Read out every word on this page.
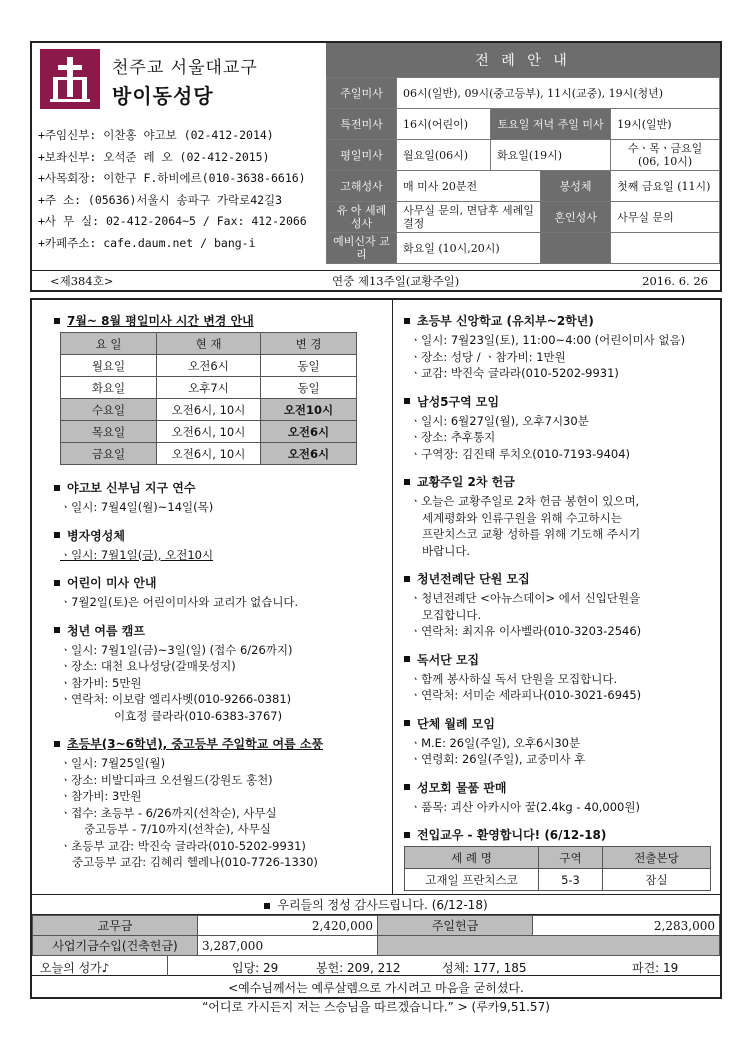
천주교 서울대교구
방이동성당
+주임신부: 이찬홍 야고보 (02-412-2014)
+보좌신부: 오석준 레 오 (02-412-2015)
+사목회장: 이한구 F.하비에르(010-3638-6616)
+주 소: (05636)서울시 송파구 가락로42길3
+사 무 실: 02-412-2064~5 / Fax: 412-2066
+카페주소: cafe.daum.net / bang-i
전 례 안 내
주일미사	06시(일반), 09시(중고등부), 11시(교중), 19시(청년)			
특전미사	16시(어린이)	토요일 저녁 주일 미사		19시(일반)
평일미사	월요일(06시)	화요일(19시)		수ㆍ목ㆍ금요일 (06, 10시)
고해성사	매 미사 20분전		봉성체	첫째 금요일 (11시)
유 아 세례성사	사무실 문의, 면담후 세례일 결정		혼인성사	사무실 문의
예비신자 교 리	화요일 (10시,20시)			
<제384호>	연중 제13주일(교황주일)	2016. 6. 26
7월~ 8월 평일미사 시간 변경 안내
요 일	현 재	변 경
월요일	오전6시	동일
화요일	오후7시	동일
수요일	오전6시, 10시	오전10시
목요일	오전6시, 10시	오전6시
금요일	오전6시, 10시	오전6시
야고보 신부님 지구 연수
ㆍ일시: 7월4일(월)~14일(목)
병자영성체
ㆍ일시: 7월1일(금), 오전10시
어린이 미사 안내
ㆍ7월2일(토)은 어린이미사와 교리가 없습니다.
청년 여름 캠프
ㆍ일시: 7월1일(금)~3일(일) (접수 6/26까지)
ㆍ장소: 대천 요나성당(갈매못성지)
ㆍ참가비: 5만원
ㆍ연락처: 이보람 엘리사벳(010-9266-0381)
이효정 클라라(010-6383-3767)
초등부(3~6학년), 중고등부 주일학교 여름 소풍
ㆍ일시: 7월25일(월)
ㆍ장소: 비발디파크 오션월드(강원도 홍천)
ㆍ참가비: 3만원
ㆍ접수: 초등부 - 6/26까지(선착순), 사무실
중고등부 - 7/10까지(선착순), 사무실
ㆍ초등부 교감: 박진숙 글라라(010-5202-9931)
중고등부 교감: 김혜리 헬레나(010-7726-1330)
초등부 신앙학교 (유치부~2학년)
ㆍ일시: 7월23일(토), 11:00~4:00 (어린이미사 없음)
ㆍ장소: 성당 / ㆍ참가비: 1만원
ㆍ교감: 박진숙 글라라(010-5202-9931)
남성5구역 모임
ㆍ일시: 6월27일(월), 오후7시30분
ㆍ장소: 추후통지
ㆍ구역장: 김진태 루치오(010-7193-9404)
교황주일 2차 헌금
ㆍ오늘은 교황주일로 2차 헌금 봉헌이 있으며,
세계평화와 인류구원을 위해 수고하시는
프란치스코 교황 성하를 위해 기도해 주시기
바랍니다.
청년전례단 단원 모집
ㆍ청년전례단 <아뉴스데이> 에서 신입단원을
모집합니다.
ㆍ연락처: 최지유 이사벨라(010-3203-2546)
독서단 모집
ㆍ함께 봉사하실 독서 단원을 모집합니다.
ㆍ연락처: 서미순 세라피나(010-3021-6945)
단체 월례 모임
ㆍM.E: 26일(주일), 오후6시30분
ㆍ연령회: 26일(주일), 교중미사 후
성모회 물품 판매
ㆍ품목: 괴산 아카시아 꿀(2.4kg - 40,000원)
전입교우 - 환영합니다! (6/12-18)
세 례 명	구역	전출본당
고재일 프란치스코	5-3	잠실
우리들의 정성 감사드립니다. (6/12-18)
교무금	2,420,000	주일헌금	2,283,000
사업기금수입(건축헌금)	3,287,000		
오늘의 성가♪	입당: 29	봉헌: 209, 212	성체: 177, 185	파견: 19
<예수님께서는 예루살렘으로 가시려고 마음을 굳히셨다.
“어디로 가시든지 저는 스승님을 따르겠습니다.” > (루카9,51.57)
